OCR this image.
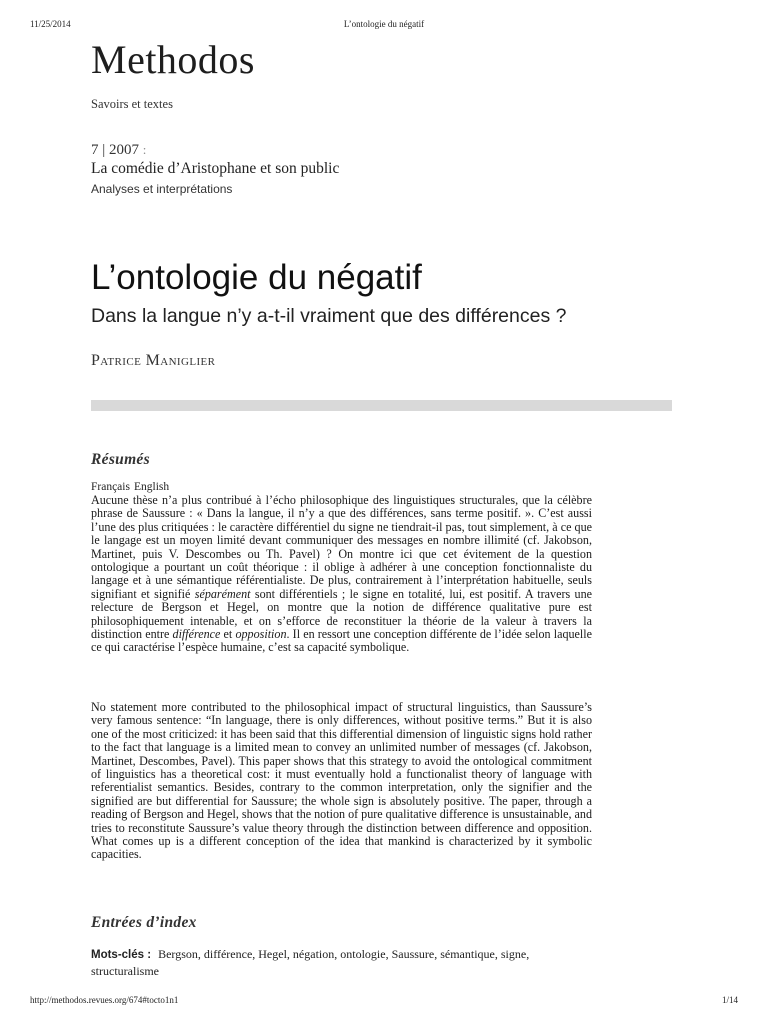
11/25/2014	L’ontologie du négatif
Methodos
Savoirs et textes
7 | 2007 :
La comédie d’Aristophane et son public
Analyses et interprétations
L’ontologie du négatif
Dans la langue n’y a-t-il vraiment que des différences ?
Patrice Maniglier
Résumés
Français English

Aucune thèse n’a plus contribué à l’écho philosophique des linguistiques structurales, que la célèbre phrase de Saussure : « Dans la langue, il n’y a que des différences, sans terme positif. ». C’est aussi l’une des plus critiquées : le caractère différentiel du signe ne tiendrait-il pas, tout simplement, à ce que le langage est un moyen limité devant communiquer des messages en nombre illimité (cf. Jakobson, Martinet, puis V. Descombes ou Th. Pavel) ? On montre ici que cet évitement de la question ontologique a pourtant un coût théorique : il oblige à adhérer à une conception fonctionnaliste du langage et à une sémantique référentialiste. De plus, contrairement à l’interprétation habituelle, seuls signifiant et signifié séparément sont différentiels ; le signe en totalité, lui, est positif. A travers une relecture de Bergson et Hegel, on montre que la notion de différence qualitative pure est philosophiquement intenable, et on s’efforce de reconstituer la théorie de la valeur à travers la distinction entre différence et opposition. Il en ressort une conception différente de l’idée selon laquelle ce qui caractérise l’espèce humaine, c’est sa capacité symbolique.

No statement more contributed to the philosophical impact of structural linguistics, than Saussure’s very famous sentence: “In language, there is only differences, without positive terms.” But it is also one of the most criticized: it has been said that this differential dimension of linguistic signs hold rather to the fact that language is a limited mean to convey an unlimited number of messages (cf. Jakobson, Martinet, Descombes, Pavel). This paper shows that this strategy to avoid the ontological commitment of linguistics has a theoretical cost: it must eventually hold a functionalist theory of language with referentialist semantics. Besides, contrary to the common interpretation, only the signifier and the signified are but differential for Saussure; the whole sign is absolutely positive. The paper, through a reading of Bergson and Hegel, shows that the notion of pure qualitative difference is unsustainable, and tries to reconstitute Saussure’s value theory through the distinction between difference and opposition. What comes up is a different conception of the idea that mankind is characterized by it symbolic capacities.

Entrées d’index
Mots-clés : Bergson, différence, Hegel, négation, ontologie, Saussure, sémantique, signe, structuralisme
http://methodos.revues.org/674#tocto1n1	1/14
